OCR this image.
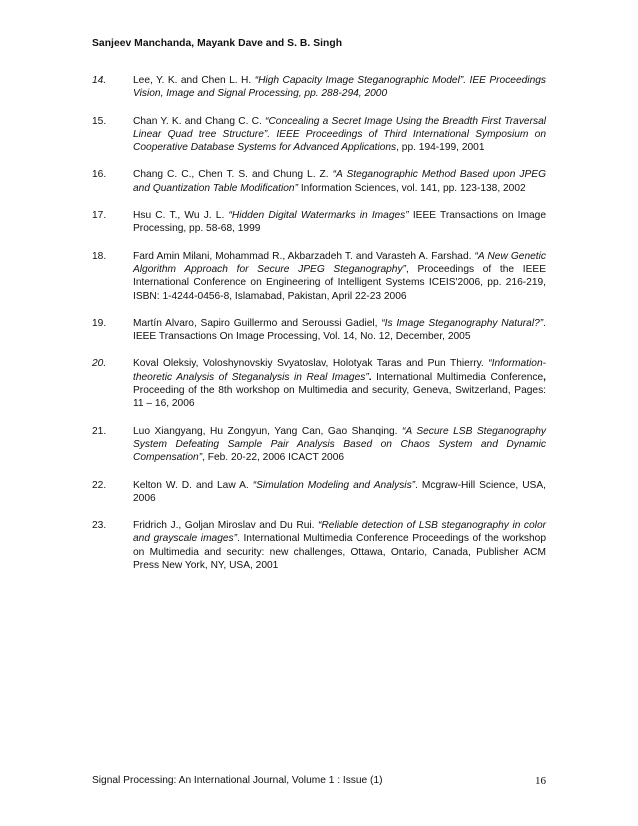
Sanjeev Manchanda, Mayank Dave and S. B. Singh
14.	Lee, Y. K. and Chen L. H. “High Capacity Image Steganographic Model”. IEE Proceedings Vision, Image and Signal Processing, pp. 288-294, 2000
15.	Chan Y. K. and Chang C. C. “Concealing a Secret Image Using the Breadth First Traversal Linear Quad tree Structure”. IEEE Proceedings of Third International Symposium on Cooperative Database Systems for Advanced Applications, pp. 194-199, 2001
16.	Chang C. C., Chen T. S. and Chung L. Z. “A Steganographic Method Based upon JPEG and Quantization Table Modification” Information Sciences, vol. 141, pp. 123-138, 2002
17.	Hsu C. T., Wu J. L. “Hidden Digital Watermarks in Images” IEEE Transactions on Image Processing, pp. 58-68, 1999
18.	Fard Amin Milani, Mohammad R., Akbarzadeh T. and Varasteh A. Farshad. “A New Genetic Algorithm Approach for Secure JPEG Steganography”, Proceedings of the IEEE International Conference on Engineering of Intelligent Systems ICEIS'2006, pp. 216-219, ISBN: 1-4244-0456-8, Islamabad, Pakistan, April 22-23 2006
19.	Martín Alvaro, Sapiro Guillermo and Seroussi Gadiel, “Is Image Steganography Natural?”. IEEE Transactions On Image Processing, Vol. 14, No. 12, December, 2005
20.	Koval Oleksiy, Voloshynovskiy Svyatoslav, Holotyak Taras and Pun Thierry. “Information-theoretic Analysis of Steganalysis in Real Images”. International Multimedia Conference, Proceeding of the 8th workshop on Multimedia and security, Geneva, Switzerland, Pages: 11 – 16, 2006
21.	Luo Xiangyang, Hu Zongyun, Yang Can, Gao Shanqing. “A Secure LSB Steganography System Defeating Sample Pair Analysis Based on Chaos System and Dynamic Compensation”, Feb. 20-22, 2006 ICACT 2006
22.	Kelton W. D. and Law A. “Simulation Modeling and Analysis”. Mcgraw-Hill Science, USA, 2006
23.	Fridrich J., Goljan Miroslav and Du Rui. “Reliable detection of LSB steganography in color and grayscale images”. International Multimedia Conference Proceedings of the workshop on Multimedia and security: new challenges, Ottawa, Ontario, Canada, Publisher ACM Press New York, NY, USA, 2001
Signal Processing: An International Journal, Volume 1 : Issue (1)	16
